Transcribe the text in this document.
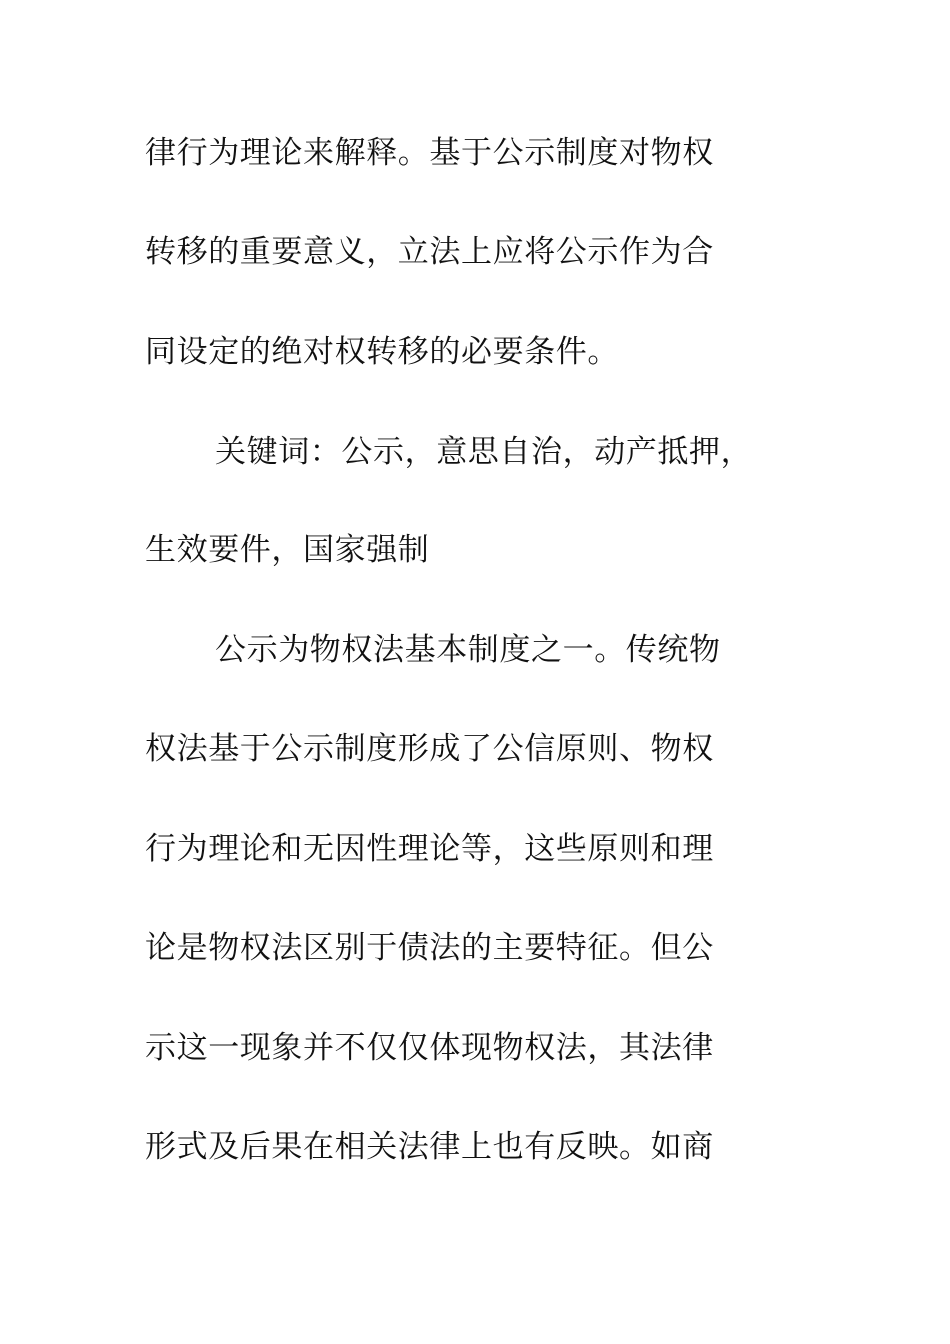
律行为理论来解释。基于公示制度对物权
转移的重要意义，立法上应将公示作为合
同设定的绝对权转移的必要条件。
关键词：公示，意思自治，动产抵押，
生效要件，国家强制
公示为物权法基本制度之一。传统物
权法基于公示制度形成了公信原则、物权
行为理论和无因性理论等，这些原则和理
论是物权法区别于债法的主要特征。但公
示这一现象并不仅仅体现物权法，其法律
形式及后果在相关法律上也有反映。如商
